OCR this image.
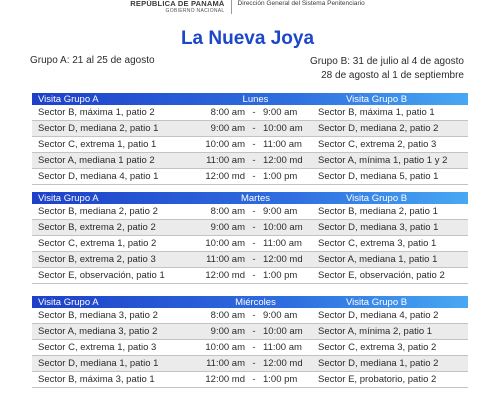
REPÚBLICA DE PANAMÁ
GOBIERNO NACIONAL
Dirección General del Sistema Penitenciario
La Nueva Joya
Grupo A: 21 al 25 de agosto	Grupo B: 31 de julio al 4 de agosto
28 de agosto al 1 de septiembre
Visita Grupo A	Lunes	Visita Grupo B
Sector B, máxima 1, patio 2	8:00 am - 9:00 am	Sector B, máxima 1, patio 1
Sector D, mediana 2, patio 1	9:00 am - 10:00 am	Sector D, mediana 2, patio 2
Sector C, extrema 1, patio 1	10:00 am - 11:00 am	Sector C, extrema 2, patio 3
Sector A, mediana 1 patio 2	11:00 am - 12:00 md	Sector A, mínima 1, patio 1 y 2
Sector D, mediana 4, patio 1	12:00 md - 1:00 pm	Sector D, mediana 5, patio 1
Visita Grupo A	Martes	Visita Grupo B
Sector B, mediana 2, patio 2	8:00 am - 9:00 am	Sector B, mediana 2, patio 1
Sector B, extrema 2, patio 2	9:00 am - 10:00 am	Sector D, mediana 3, patio 1
Sector C, extrema 1, patio 2	10:00 am - 11:00 am	Sector C, extrema 3, patio 1
Sector B, extrema 2, patio 3	11:00 am - 12:00 md	Sector A, mediana 1, patio 1
Sector E, observación, patio 1	12:00 md - 1:00 pm	Sector E, observación, patio 2
Visita Grupo A	Miércoles	Visita Grupo B
Sector B, mediana 3, patio 2	8:00 am - 9:00 am	Sector D, mediana 4, patio 2
Sector A, mediana 3, patio 2	9:00 am - 10:00 am	Sector A, mínima 2, patio 1
Sector C, extrema 1, patio 3	10:00 am - 11:00 am	Sector C, extrema 3, patio 2
Sector D, mediana 1, patio 1	11:00 am - 12:00 md	Sector D, mediana 1, patio 2
Sector B, máxima 3, patio 1	12:00 md - 1:00 pm	Sector E, probatorio, patio 2
